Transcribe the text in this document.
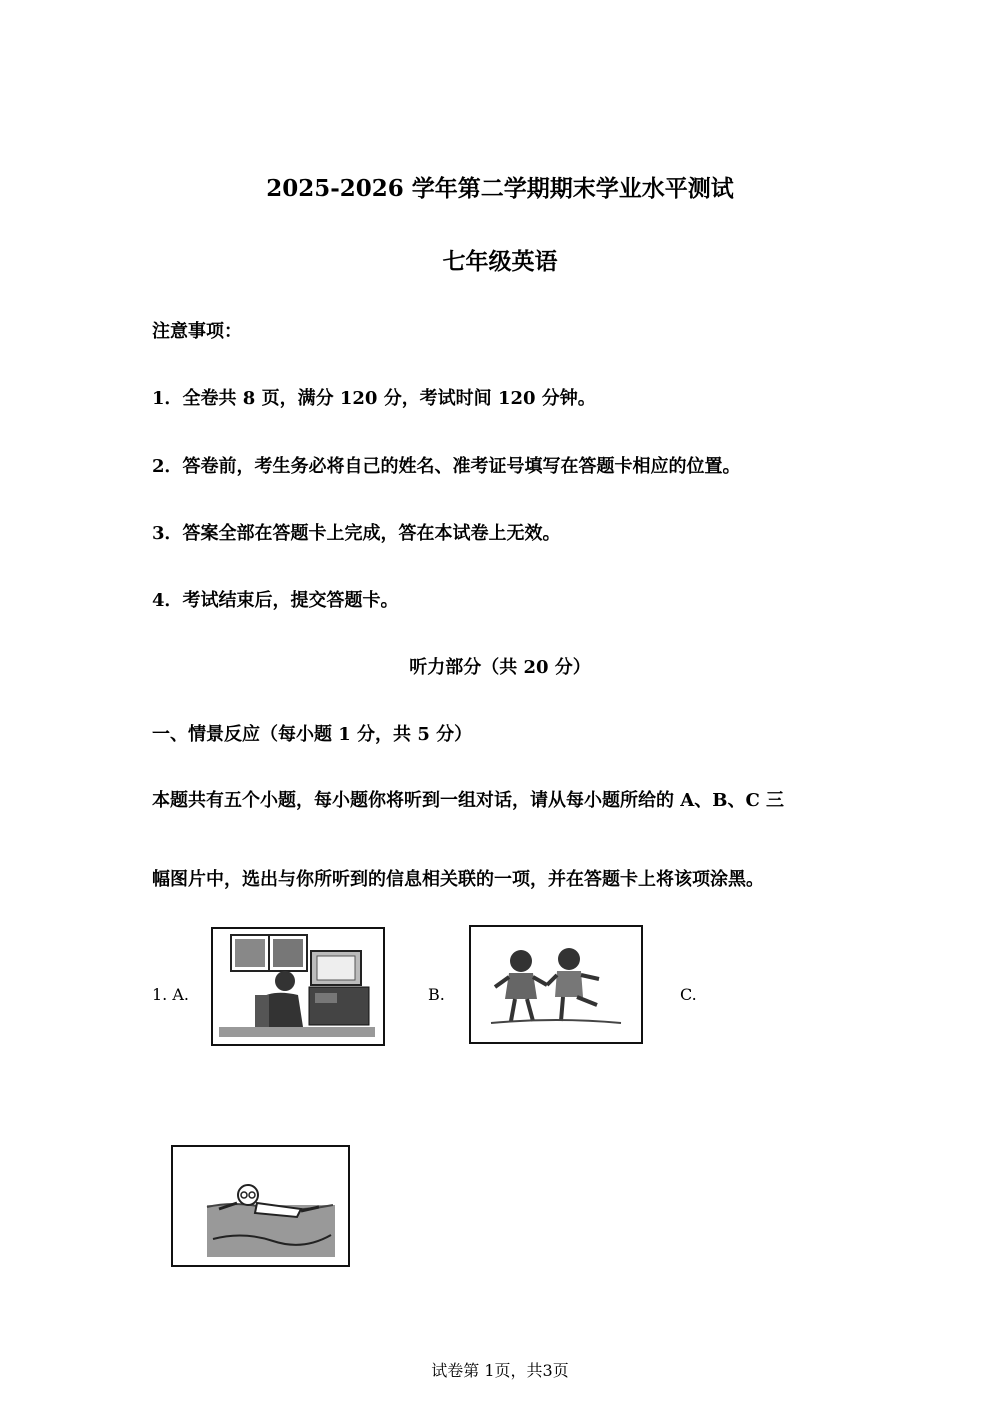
2025-2026 学年第二学期期末学业水平测试
七年级英语
注意事项：
1．全卷共 8 页，满分 120 分，考试时间 120 分钟。
2．答卷前，考生务必将自己的姓名、准考证号填写在答题卡相应的位置。
3．答案全部在答题卡上完成，答在本试卷上无效。
4．考试结束后，提交答题卡。
听力部分（共 20 分）
一、情景反应（每小题 1 分，共 5 分）
本题共有五个小题，每小题你将听到一组对话，请从每小题所给的 A、B、C 三
幅图片中，选出与你所听到的信息相关联的一项，并在答题卡上将该项涂黑。
1. A.	B.	C.
试卷第 1页，共3页
